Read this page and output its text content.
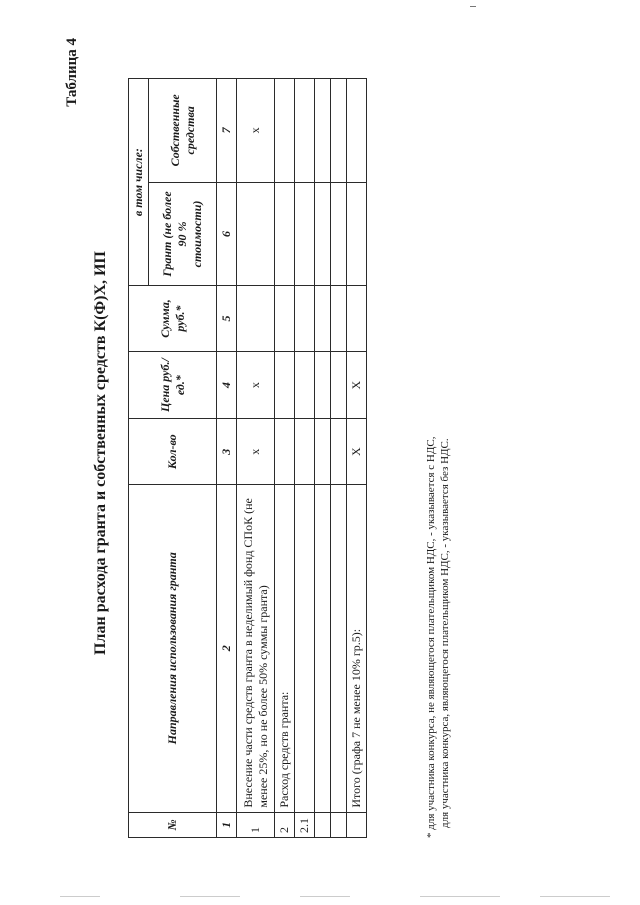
Таблица 4
План расхода гранта и собственных средств К(Ф)Х, ИП
№	Направления использования гранта	Кол-во	Цена руб./ед.*	Сумма, руб.*	в том числе:	
					Грант (не более 90 % стоимости)	Собственные средства
1	2	3	4	5	6	7
1	Внесение части средств гранта в неделимый фонд СПоК (не менее 25%, но не более 50% суммы гранта)	x	x			x
2	Расход средств гранта:					
2.1						

	Итого (графа 7 не менее 10% гр.5):	X	X			
* для участника конкурса, не являющегося плательщиком НДС, - указывается с НДС, для участника конкурса, являющегося плательщиком НДС, - указывается без НДС.
